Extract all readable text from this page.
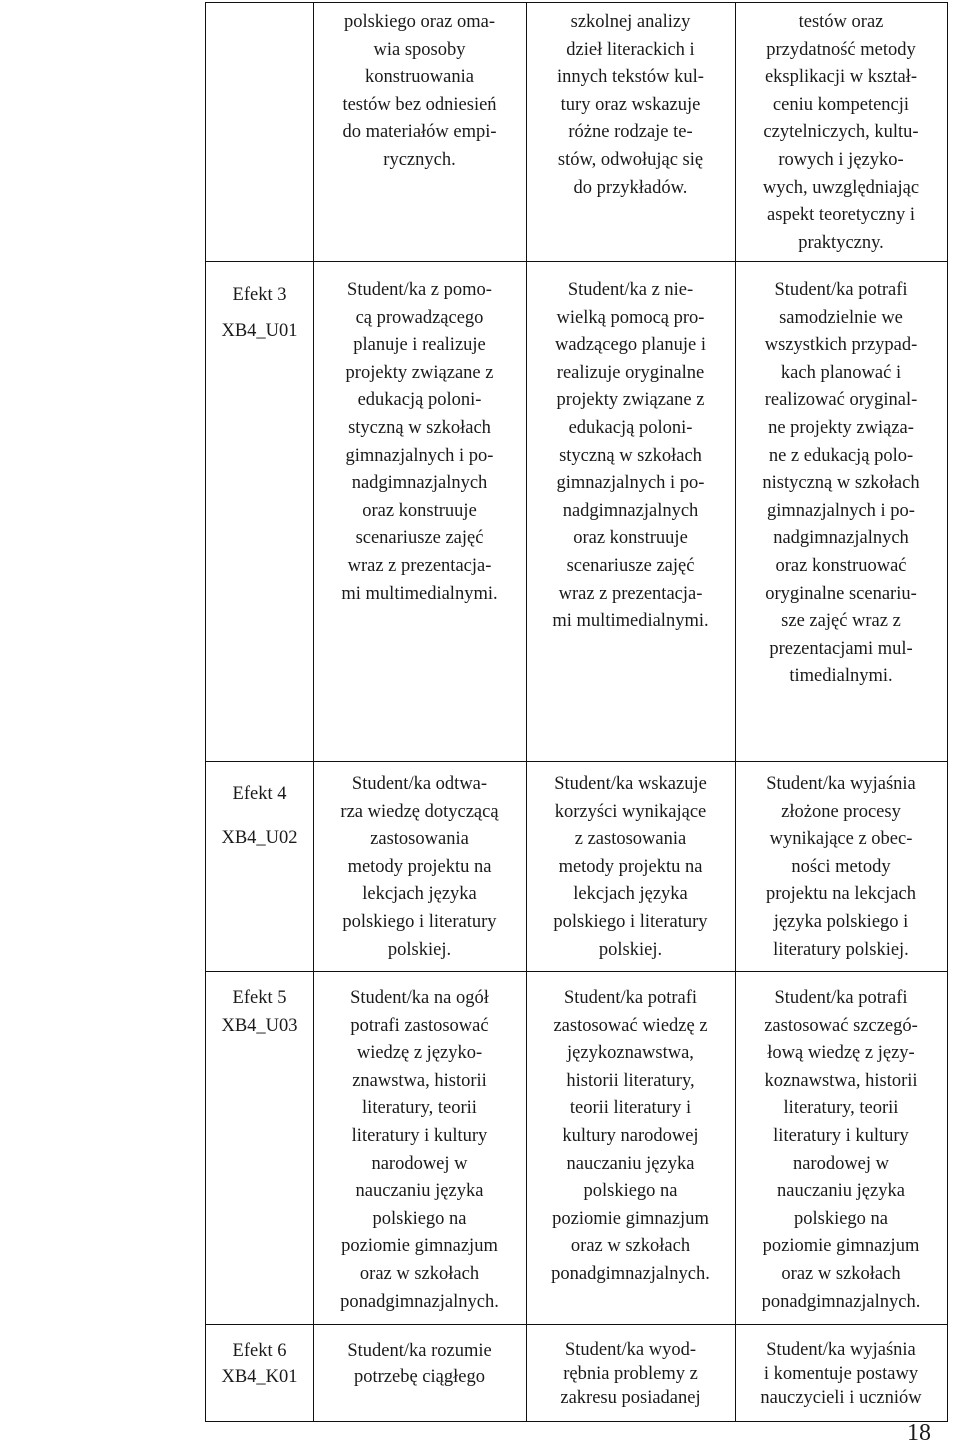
polskiego oraz oma-
wia sposoby
konstruowania
testów bez odniesień
do materiałów empi-
rycznych.
szkolnej analizy
dzieł literackich i
innych tekstów kul-
tury oraz wskazuje
różne rodzaje te-
stów, odwołując się
do przykładów.
testów oraz
przydatność metody
eksplikacji w kształ-
ceniu kompetencji
czytelniczych, kultu-
rowych i języko-
wych, uwzględniając
aspekt teoretyczny i
praktyczny.
Efekt 3
XB4_U01
Student/ka z pomo-
cą prowadzącego
planuje i realizuje
projekty związane z
edukacją poloni-
styczną w szkołach
gimnazjalnych i po-
nadgimnazjalnych
oraz konstruuje
scenariusze zajęć
wraz z prezentacja-
mi multimedialnymi.
Student/ka z nie-
wielką pomocą pro-
wadzącego planuje i
realizuje oryginalne
projekty związane z
edukacją poloni-
styczną w szkołach
gimnazjalnych i po-
nadgimnazjalnych
oraz konstruuje
scenariusze zajęć
wraz z prezentacja-
mi multimedialnymi.
Student/ka potrafi
samodzielnie we
wszystkich przypad-
kach planować i
realizować oryginal-
ne projekty związa-
ne z edukacją polo-
nistyczną w szkołach
gimnazjalnych i po-
nadgimnazjalnych
oraz konstruować
oryginalne scenariu-
sze zajęć wraz z
prezentacjami mul-
timedialnymi.
Efekt 4
XB4_U02
Student/ka odtwa-
rza wiedzę dotyczącą
zastosowania
metody projektu na
lekcjach języka
polskiego i literatury
polskiej.
Student/ka wskazuje
korzyści wynikające
z zastosowania
metody projektu na
lekcjach języka
polskiego i literatury
polskiej.
Student/ka wyjaśnia
złożone procesy
wynikające z obec-
ności metody
projektu na lekcjach
języka polskiego i
literatury polskiej.
Efekt 5
XB4_U03
Student/ka na ogół
potrafi zastosować
wiedzę z języko-
znawstwa, historii
literatury, teorii
literatury i kultury
narodowej w
nauczaniu języka
polskiego na
poziomie gimnazjum
oraz w szkołach
ponadgimnazjalnych.
Student/ka potrafi
zastosować wiedzę z
językoznawstwa,
historii literatury,
teorii literatury i
kultury narodowej
nauczaniu języka
polskiego na
poziomie gimnazjum
oraz w szkołach
ponadgimnazjalnych.
Student/ka potrafi
zastosować szczegó-
łową wiedzę z języ-
koznawstwa, historii
literatury, teorii
literatury i kultury
narodowej w
nauczaniu języka
polskiego na
poziomie gimnazjum
oraz w szkołach
ponadgimnazjalnych.
Efekt 6
XB4_K01
Student/ka rozumie
potrzebę ciągłego
Student/ka wyod-
rębnia problemy z
zakresu posiadanej
Student/ka wyjaśnia
i komentuje postawy
nauczycieli i uczniów
18
